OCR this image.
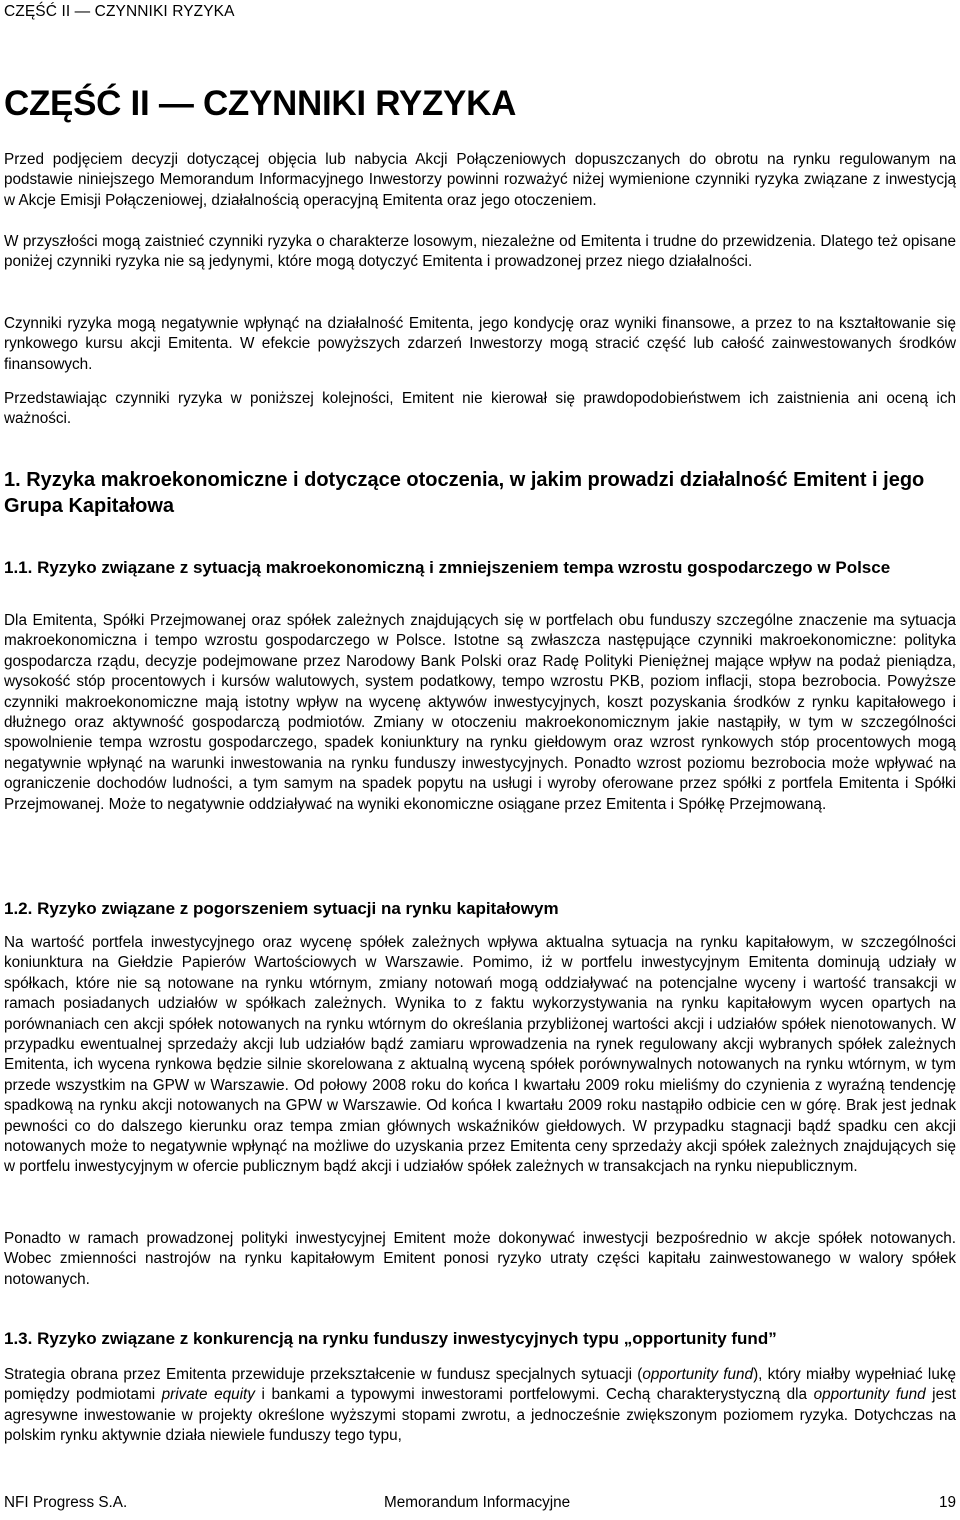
CZĘŚĆ II — CZYNNIKI RYZYKA
CZĘŚĆ II — CZYNNIKI RYZYKA

Przed podjęciem decyzji dotyczącej objęcia lub nabycia Akcji Połączeniowych dopuszczanych do obrotu na rynku regulowanym na podstawie niniejszego Memorandum Informacyjnego Inwestorzy powinni rozważyć niżej wymienione czynniki ryzyka związane z inwestycją w Akcje Emisji Połączeniowej, działalnością operacyjną Emitenta oraz jego otoczeniem.

W przyszłości mogą zaistnieć czynniki ryzyka o charakterze losowym, niezależne od Emitenta i trudne do przewidzenia. Dlatego też opisane poniżej czynniki ryzyka nie są jedynymi, które mogą dotyczyć Emitenta i prowadzonej przez niego działalności.

Czynniki ryzyka mogą negatywnie wpłynąć na działalność Emitenta, jego kondycję oraz wyniki finansowe, a przez to na kształtowanie się rynkowego kursu akcji Emitenta. W efekcie powyższych zdarzeń Inwestorzy mogą stracić część lub całość zainwestowanych środków finansowych.

Przedstawiając czynniki ryzyka w poniższej kolejności, Emitent nie kierował się prawdopodobieństwem ich zaistnienia ani oceną ich ważności.

1. Ryzyka makroekonomiczne i dotyczące otoczenia, w jakim prowadzi działalność Emitent i jego Grupa Kapitałowa
1.1. Ryzyko związane z sytuacją makroekonomiczną i zmniejszeniem tempa wzrostu gospodarczego w Polsce

Dla Emitenta, Spółki Przejmowanej oraz spółek zależnych znajdujących się w portfelach obu funduszy szczególne znaczenie ma sytuacja makroekonomiczna i tempo wzrostu gospodarczego w Polsce. Istotne są zwłaszcza następujące czynniki makroekonomiczne: polityka gospodarcza rządu, decyzje podejmowane przez Narodowy Bank Polski oraz Radę Polityki Pieniężnej mające wpływ na podaż pieniądza, wysokość stóp procentowych i kursów walutowych, system podatkowy, tempo wzrostu PKB, poziom inflacji, stopa bezrobocia. Powyższe czynniki makroekonomiczne mają istotny wpływ na wycenę aktywów inwestycyjnych, koszt pozyskania środków z rynku kapitałowego i dłużnego oraz aktywność gospodarczą podmiotów. Zmiany w otoczeniu makroekonomicznym jakie nastąpiły, w tym w szczególności spowolnienie tempa wzrostu gospodarczego, spadek koniunktury na rynku giełdowym oraz wzrost rynkowych stóp procentowych mogą negatywnie wpłynąć na warunki inwestowania na rynku funduszy inwestycyjnych. Ponadto wzrost poziomu bezrobocia może wpływać na ograniczenie dochodów ludności, a tym samym na spadek popytu na usługi i wyroby oferowane przez spółki z portfela Emitenta i Spółki Przejmowanej. Może to negatywnie oddziaływać na wyniki ekonomiczne osiągane przez Emitenta i Spółkę Przejmowaną.

1.2. Ryzyko związane z pogorszeniem sytuacji na rynku kapitałowym

Na wartość portfela inwestycyjnego oraz wycenę spółek zależnych wpływa aktualna sytuacja na rynku kapitałowym, w szczególności koniunktura na Giełdzie Papierów Wartościowych w Warszawie. Pomimo, iż w portfelu inwestycyjnym Emitenta dominują udziały w spółkach, które nie są notowane na rynku wtórnym, zmiany notowań mogą oddziaływać na potencjalne wyceny i wartość transakcji w ramach posiadanych udziałów w spółkach zależnych. Wynika to z faktu wykorzystywania na rynku kapitałowym wycen opartych na porównaniach cen akcji spółek notowanych na rynku wtórnym do określania przybliżonej wartości akcji i udziałów spółek nienotowanych. W przypadku ewentualnej sprzedaży akcji lub udziałów bądź zamiaru wprowadzenia na rynek regulowany akcji wybranych spółek zależnych Emitenta, ich wycena rynkowa będzie silnie skorelowana z aktualną wyceną spółek porównywalnych notowanych na rynku wtórnym, w tym przede wszystkim na GPW w Warszawie. Od połowy 2008 roku do końca I kwartału 2009 roku mieliśmy do czynienia z wyraźną tendencję spadkową na rynku akcji notowanych na GPW w Warszawie. Od końca I kwartału 2009 roku nastąpiło odbicie cen w górę. Brak jest jednak pewności co do dalszego kierunku oraz tempa zmian głównych wskaźników giełdowych. W przypadku stagnacji bądź spadku cen akcji notowanych może to negatywnie wpłynąć na możliwe do uzyskania przez Emitenta ceny sprzedaży akcji spółek zależnych znajdujących się w portfelu inwestycyjnym w ofercie publicznym bądź akcji i udziałów spółek zależnych w transakcjach na rynku niepublicznym.

Ponadto w ramach prowadzonej polityki inwestycyjnej Emitent może dokonywać inwestycji bezpośrednio w akcje spółek notowanych. Wobec zmienności nastrojów na rynku kapitałowym Emitent ponosi ryzyko utraty części kapitału zainwestowanego w walory spółek notowanych.

1.3. Ryzyko związane z konkurencją na rynku funduszy inwestycyjnych typu „opportunity fund”

Strategia obrana przez Emitenta przewiduje przekształcenie w fundusz specjalnych sytuacji (opportunity fund), który miałby wypełniać lukę pomiędzy podmiotami private equity i bankami a typowymi inwestorami portfelowymi. Cechą charakterystyczną dla opportunity fund jest agresywne inwestowanie w projekty określone wyższymi stopami zwrotu, a jednocześnie zwiększonym poziomem ryzyka. Dotychczas na polskim rynku aktywnie działa niewiele funduszy tego typu,

NFI Progress S.A.	Memorandum Informacyjne	19
